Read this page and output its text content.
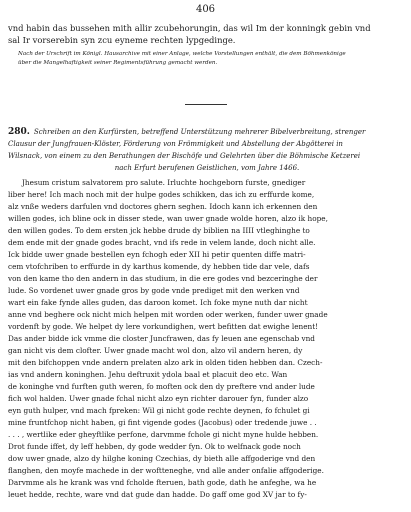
406
vnd habin das bussehen mith allir zcubehorungin, das wil Im der konningk gebin vnd
sal Ir vorserebin syn zcu eyneme rechten lypgedinge.
Nach der Urschrift im Königl. Hausarchive mit einer Anlage, welche Vorstellungen enthält, die dem Böhmenkönige
über die Mangelhaftigkeit seiner Regimentsführung gemacht werden.
280. Schreiben an den Kurfürsten, betreffend Unterstützung mehrerer Bibelverbreitung, strenger
Clausur der Jungfrauen-Klöster, Förderung von Frömmigkeit und Abstellung der Abgötterei in
Wilsnack, von einem zu den Berathungen der Bischöfe und Gelehrten über die Böhmische Ketzerei
nach Erfurt berufenen Geistlichen, vom Jahre 1466.
Jhesum cristum salvatorem pro salute. Irluchte hochgeborn furste, gnediger
liber here! Ich mach noch mit der hulpe godes schikken, das ich zu erffurde kome,
alz vnße weders darfulen vnd doctores ghern seghen. Idoch kann ich erkennen den
willen godes, ich bline ock in disser stede, wan uwer gnade wolde horen, alzo ik hope,
den willen godes. To dem ersten jck hebbe drude dy biblien na IIII vtleghinghe to
dem ende mit der gnade godes bracht, vnd ifs rede in velem lande, doch nicht alle.
Ick bidde uwer gnade bestellen eyn fchogh eder XII hi petir quenten diffe matri-
cem vtofchriben to erffurde in dy karthus komende, dy hebben tide dar vele, dafs
von den kame tho den andern in das studium, in die ere godes vnd bezceringhe der
lude. So vordenet uwer gnade gros by gode vnde prediget mit den werken vnd
wart ein fake fynde alles guden, das daroon komet. Ich foke myne nuth dar nicht
anne vnd beghere ock nicht mich helpen mit worden oder werken, funder uwer gnade
vordenft by gode. We helpet dy lere vorkundighen, wert befitten dat ewighe lenent!
Das ander bidde ick vmme die closter Juncfrawen, das fy leuen ane egenschab vnd
gan nicht vis dem clofter. Uwer gnade macht wol don, alzo vil andern heren, dy
mit den bifchoppen vnde andern prelaten alzo ark in olden tiden hebben dan. Czech-
ias vnd andern koninghen. Jehu deftruxit ydola baal et placuit deo etc. Wan
de koninghe vnd furften guth weren, fo moften ock den dy preftere vnd ander lude
fich wol halden. Uwer gnade fchal nicht alzo eyn richter darouer fyn, funder alzo
eyn guth hulper, vnd mach fpreken: Wil gi nicht gode rechte deynen, fo fchulet gi
mine fruntfchop nicht haben, gi fint vigende godes (Jacobus) oder tredende juwe . .
. . . , wertlike eder gheyftlike perfone, darvmme fchole gi nicht myne hulde hebben.
Drot funde iffet, dy leff hebben, dy gode wedder fyn. Ok to welfnack gode noch
dow uwer gnade, alzo dy hilghe koning Czechias, dy bieth alle affgoderige vnd den
flanghen, den moyfe machede in der woftteneghe, vnd alle ander onfalie affgoderige.
Darvmme als he krank was vnd fcholde fteruen, bath gode, dath he anfeghe, wa he
leuet hedde, rechte, ware vnd dat gude dan hadde. Do gaff ome god XV jar to fy-
